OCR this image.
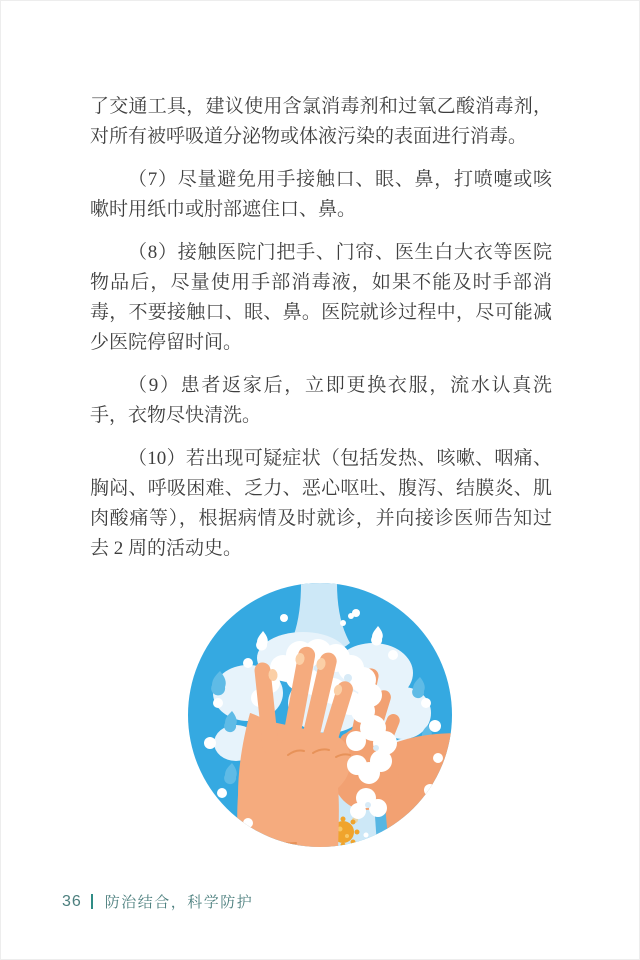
了交通工具，建议使用含氯消毒剂和过氧乙酸消毒剂，对所有被呼吸道分泌物或体液污染的表面进行消毒。

（7）尽量避免用手接触口、眼、鼻，打喷嚏或咳嗽时用纸巾或肘部遮住口、鼻。

（8）接触医院门把手、门帘、医生白大衣等医院物品后，尽量使用手部消毒液，如果不能及时手部消毒，不要接触口、眼、鼻。医院就诊过程中，尽可能减少医院停留时间。

（9）患者返家后，立即更换衣服，流水认真洗手，衣物尽快清洗。

（10）若出现可疑症状（包括发热、咳嗽、咽痛、胸闷、呼吸困难、乏力、恶心呕吐、腹泻、结膜炎、肌肉酸痛等），根据病情及时就诊，并向接诊医师告知过去 2 周的活动史。

36 防治结合，科学防护
